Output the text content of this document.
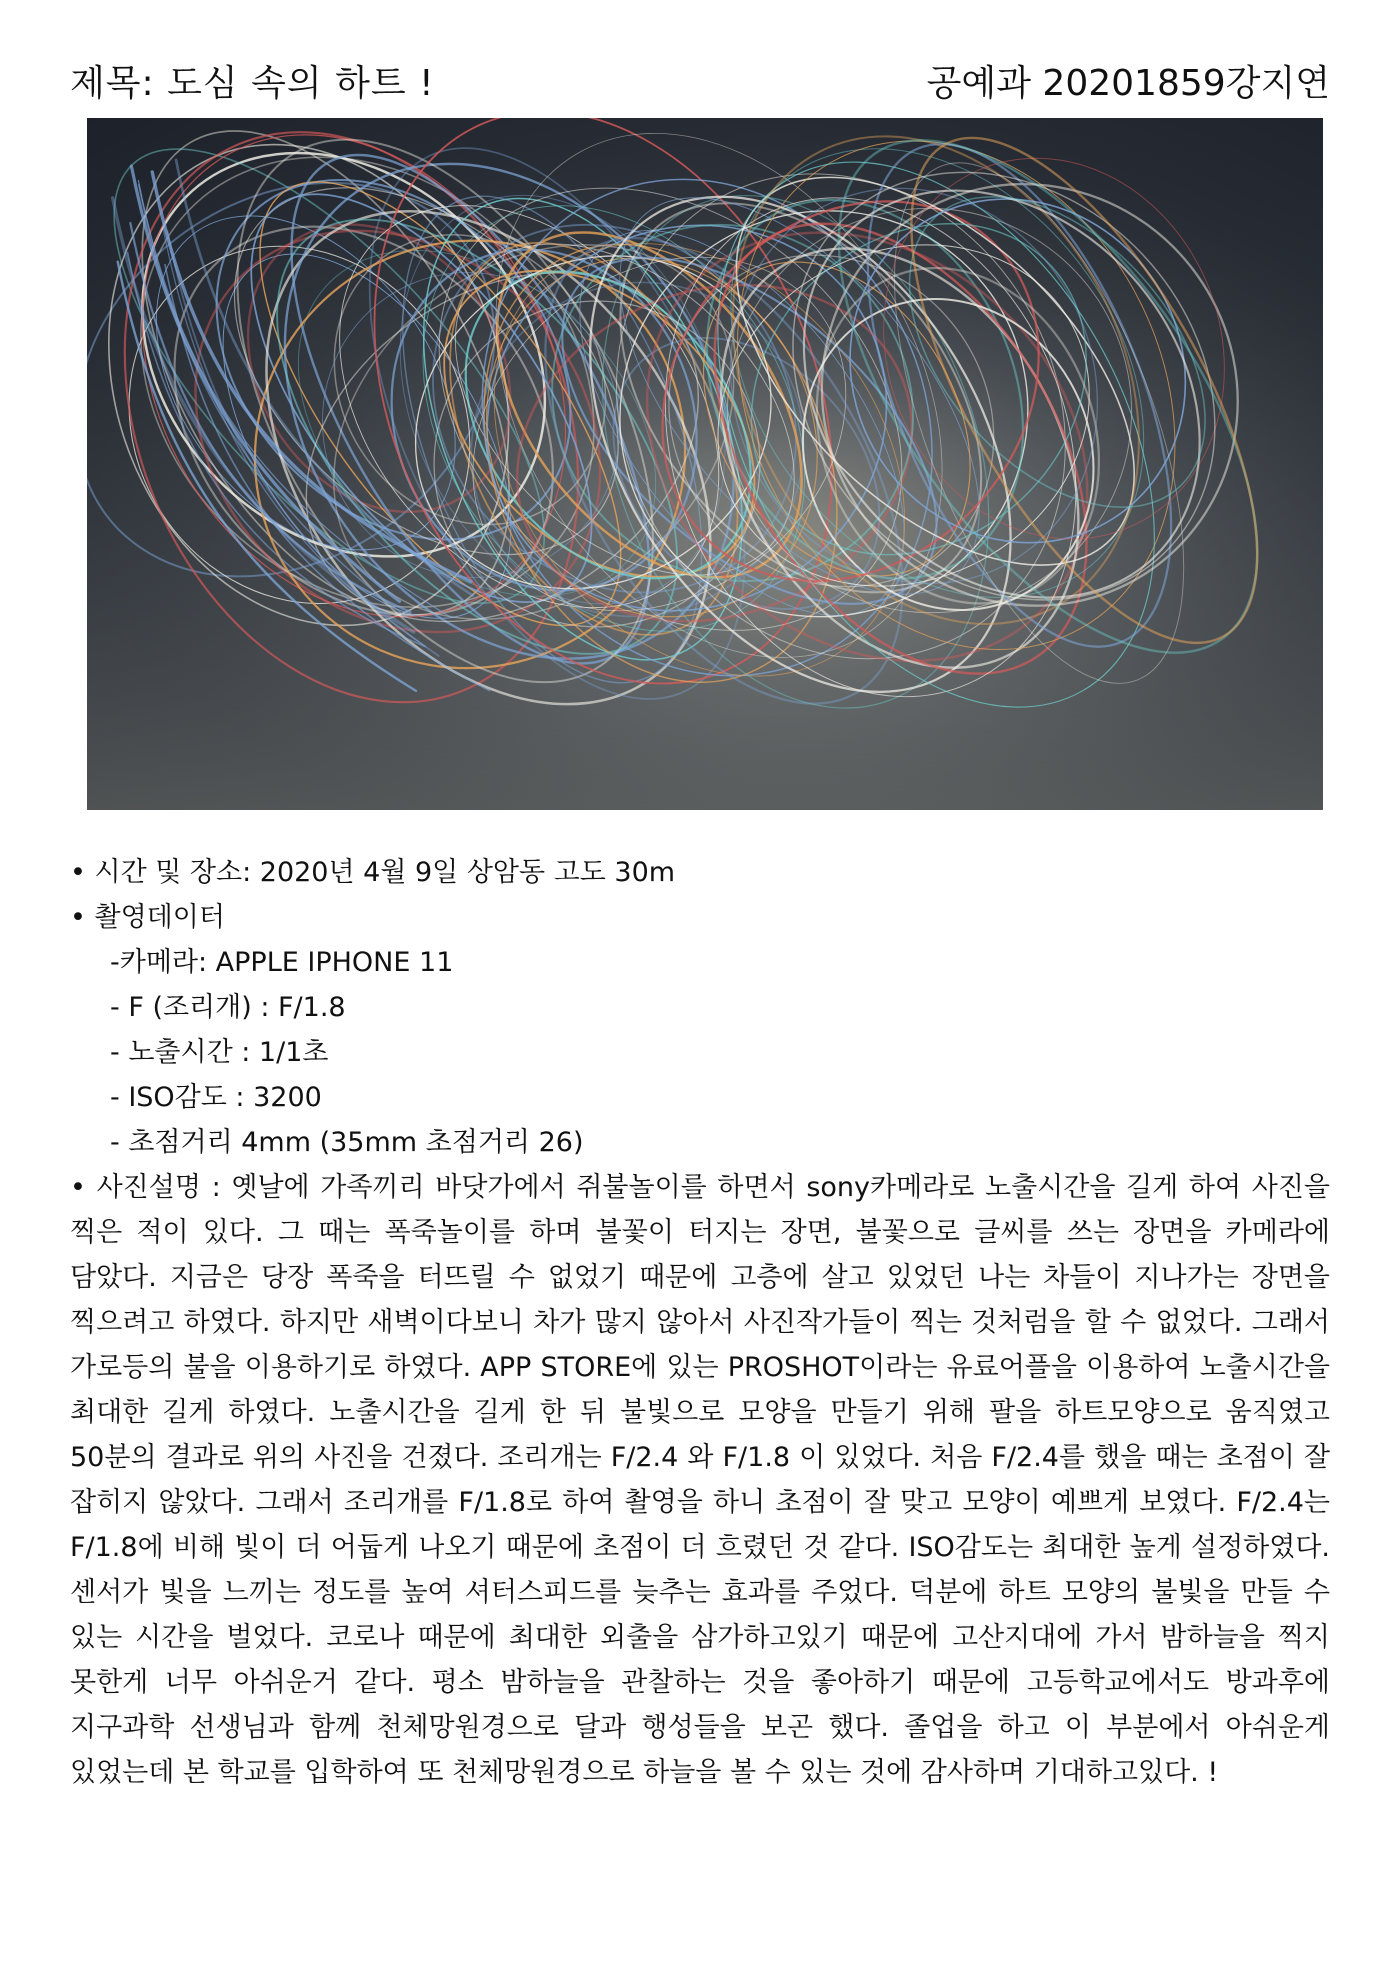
제목: 도심 속의 하트 !	공예과 20201859강지연
• 시간 및 장소: 2020년 4월 9일 상암동 고도 30m
• 촬영데이터
-카메라: APPLE IPHONE 11
- F (조리개) : F/1.8
- 노출시간 : 1/1초
- ISO감도 : 3200
- 초점거리 4mm (35mm 초점거리 26)

• 사진설명 : 옛날에 가족끼리 바닷가에서 쥐불놀이를 하면서 sony카메라로 노출시간을 길게 하여 사진을 찍은 적이 있다. 그 때는 폭죽놀이를 하며 불꽃이 터지는 장면, 불꽃으로 글씨를 쓰는 장면을 카메라에 담았다. 지금은 당장 폭죽을 터뜨릴 수 없었기 때문에 고층에 살고 있었던 나는 차들이 지나가는 장면을 찍으려고 하였다. 하지만 새벽이다보니 차가 많지 않아서 사진작가들이 찍는 것처럼을 할 수 없었다. 그래서 가로등의 불을 이용하기로 하였다. APP STORE에 있는 PROSHOT이라는 유료어플을 이용하여 노출시간을 최대한 길게 하였다. 노출시간을 길게 한 뒤 불빛으로 모양을 만들기 위해 팔을 하트모양으로 움직였고 50분의 결과로 위의 사진을 건졌다. 조리개는 F/2.4 와 F/1.8 이 있었다. 처음 F/2.4를 했을 때는 초점이 잘 잡히지 않았다. 그래서 조리개를 F/1.8로 하여 촬영을 하니 초점이 잘 맞고 모양이 예쁘게 보였다. F/2.4는 F/1.8에 비해 빛이 더 어둡게 나오기 때문에 초점이 더 흐렸던 것 같다. ISO감도는 최대한 높게 설정하였다. 센서가 빛을 느끼는 정도를 높여 셔터스피드를 늦추는 효과를 주었다. 덕분에 하트 모양의 불빛을 만들 수 있는 시간을 벌었다. 코로나 때문에 최대한 외출을 삼가하고있기 때문에 고산지대에 가서 밤하늘을 찍지 못한게 너무 아쉬운거 같다. 평소 밤하늘을 관찰하는 것을 좋아하기 때문에 고등학교에서도 방과후에 지구과학 선생님과 함께 천체망원경으로 달과 행성들을 보곤 했다. 졸업을 하고 이 부분에서 아쉬운게 있었는데 본 학교를 입학하여 또 천체망원경으로 하늘을 볼 수 있는 것에 감사하며 기대하고있다. !
